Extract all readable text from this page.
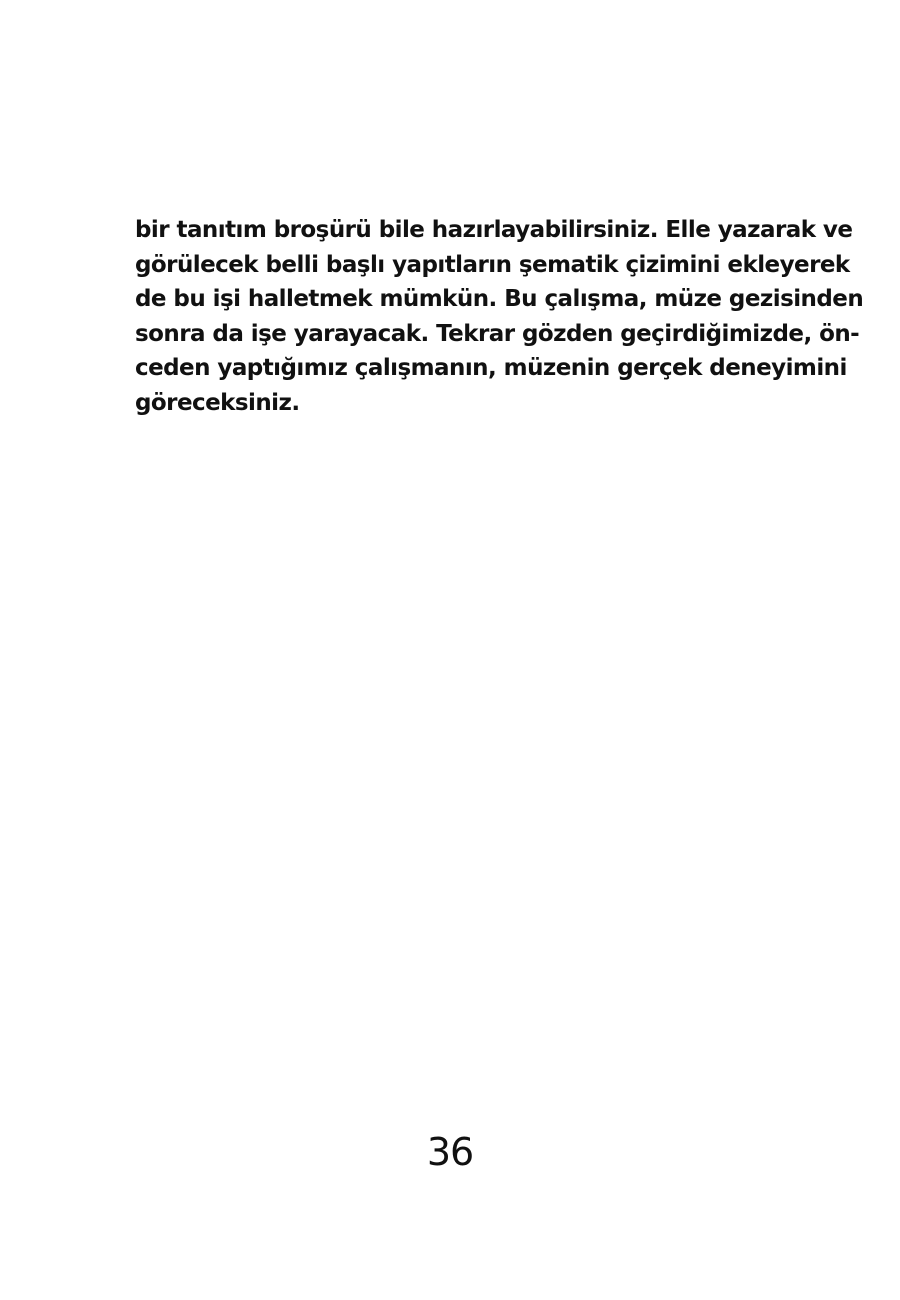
bir tanıtım broşürü bile hazırlayabilirsiniz. Elle yazarak ve
görülecek belli başlı yapıtların şematik çizimini ekleyerek
de bu işi halletmek mümkün. Bu çalışma, müze gezisinden
sonra da işe yarayacak. Tekrar gözden geçirdiğimizde, ön-
ceden yaptığımız çalışmanın, müzenin gerçek deneyimini
göreceksiniz.
36
